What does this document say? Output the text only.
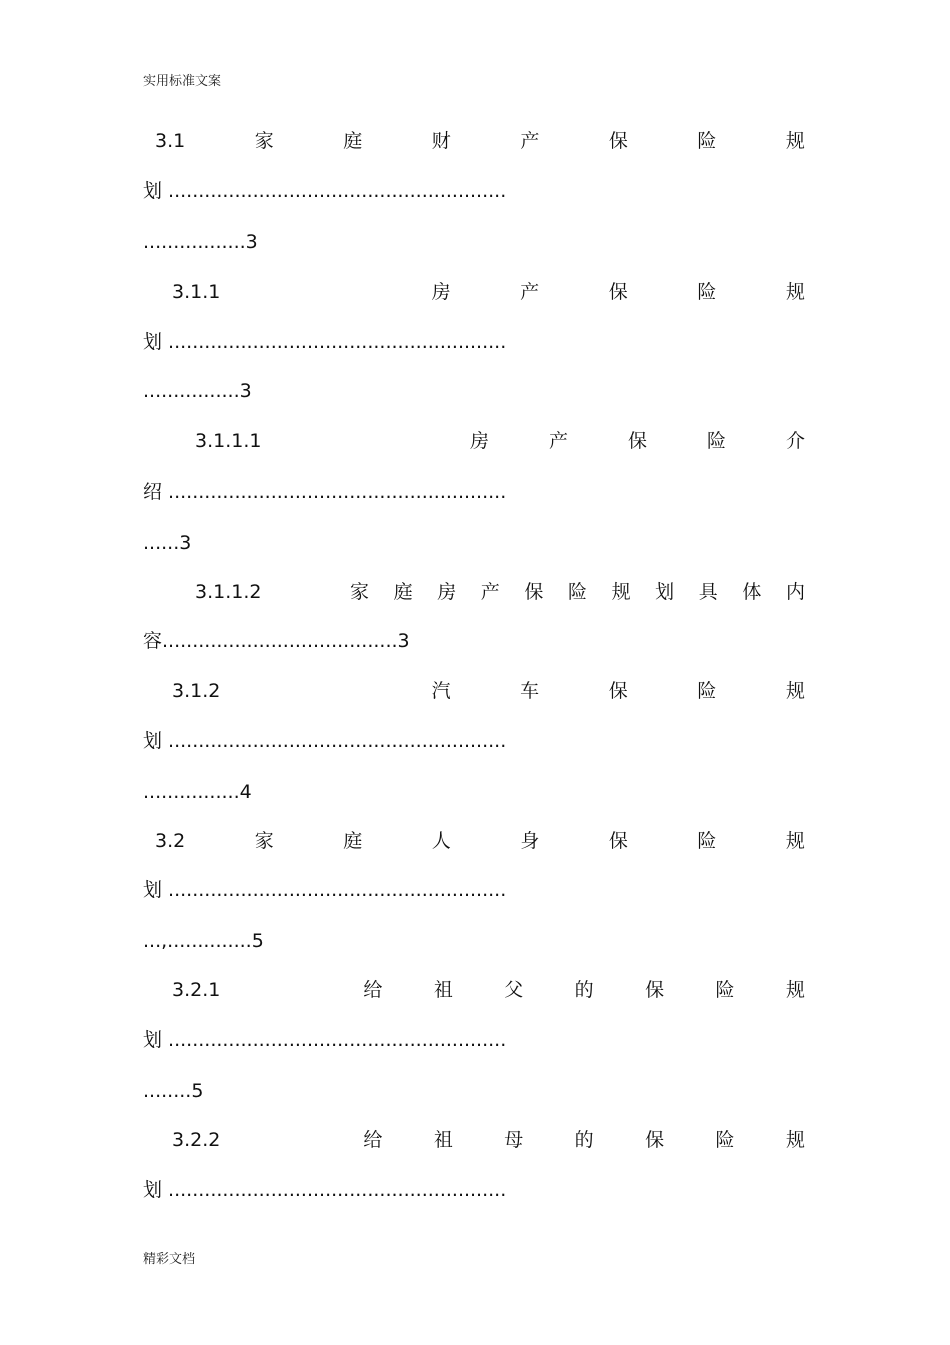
实用标准文案
3.1	家	庭	财	产	保	险	规
划 ........................................................
.................3
3.1.1	房	产	保	险	规
划 ........................................................
................3
3.1.1.1	房	产	保	险	介
绍 ........................................................
......3
3.1.1.2	家 庭 房 产 保 险 规 划 具 体 内
容.......................................3
3.1.2	汽	车	保	险	规
划 ........................................................
................4
3.2	家	庭	人	身	保	险	规
划 ........................................................
...,..............5
3.2.1	给	祖	父	的	保	险	规
划 ........................................................
........5
3.2.2	给	祖	母	的	保	险	规
划 ........................................................
精彩文档
